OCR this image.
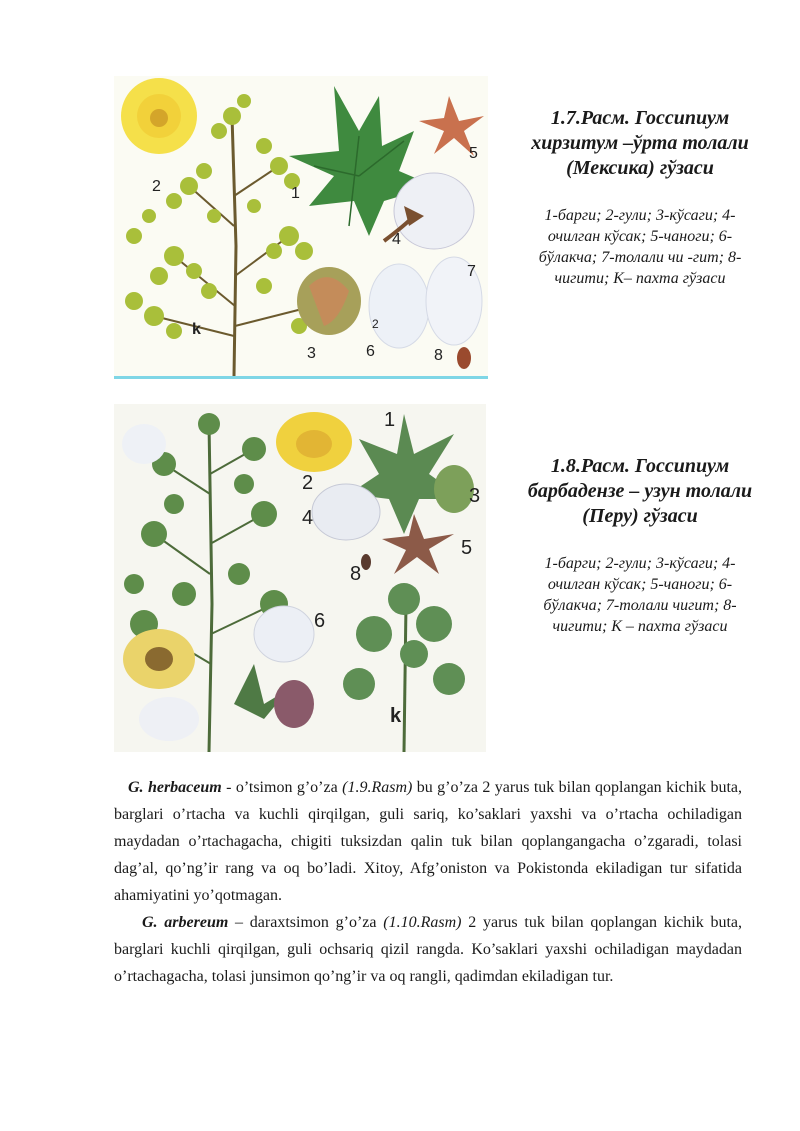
1
2
3
4
5
6
7
8
k	2

1.7.Расм. Госсипиум хирзитум –ўрта толали (Мексика) гўзаси

1-барги; 2-гули; 3-кўсаги; 4-очилган кўсак; 5-чаноги; 6-бўлакча; 7-толали чи -гит; 8-чигити; К– пахта гўзаси

1
2
3
4
5
6
8
k

1.8.Расм. Госсипиум барбадензе – узун толали (Перу) гўзаси

1-барги; 2-гули; 3-кўсаги; 4-очилган кўсак; 5-чаноги; 6-бўлакча; 7-толали чигит; 8-чигити; К – пахта гўзаси

G. herbaceum - o’tsimon g’o’za (1.9.Rasm) bu g’o’za 2 yarus tuk bilan qoplangan kichik buta, barglari o’rtacha va kuchli qirqilgan, guli sariq, ko’saklari yaxshi va o’rtacha ochiladigan maydadan o’rtachagacha, chigiti tuksizdan qalin tuk bilan qoplangangacha o’zgaradi, tolasi dag’al, qo’ng’ir rang va oq bo’ladi. Xitoy, Afg’oniston va Pokistonda ekiladigan tur sifatida ahamiyatini yo’qotmagan.

G. arbereum – daraxtsimon g’o’za (1.10.Rasm) 2 yarus tuk bilan qoplangan kichik buta, barglari kuchli qirqilgan, guli ochsariq qizil rangda. Ko’saklari yaxshi ochiladigan maydadan o’rtachagacha, tolasi junsimon qo’ng’ir va oq rangli, qadimdan ekiladigan tur.
